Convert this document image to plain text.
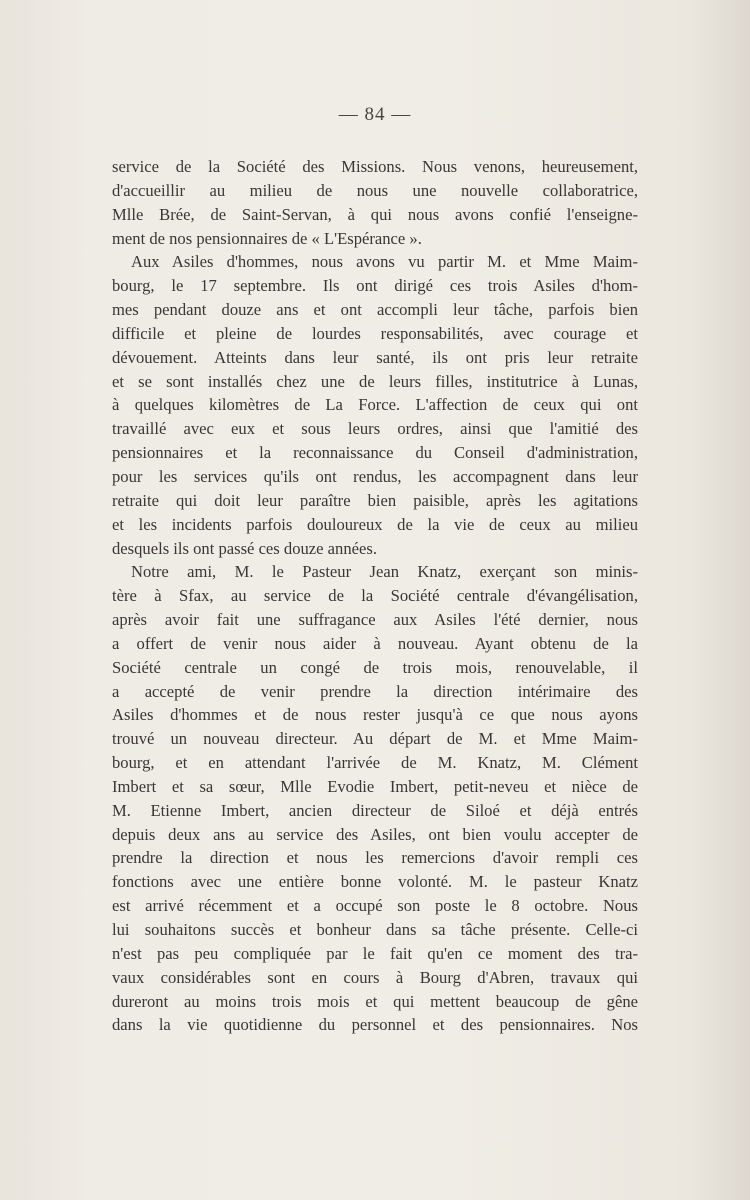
— 84 —
service de la Société des Missions. Nous venons, heureusement,
d'accueillir au milieu de nous une nouvelle collaboratrice,
Mlle Brée, de Saint-Servan, à qui nous avons confié l'enseigne-
ment de nos pensionnaires de « L'Espérance ».
Aux Asiles d'hommes, nous avons vu partir M. et Mme Maim-
bourg, le 17 septembre. Ils ont dirigé ces trois Asiles d'hom-
mes pendant douze ans et ont accompli leur tâche, parfois bien
difficile et pleine de lourdes responsabilités, avec courage et
dévouement. Atteints dans leur santé, ils ont pris leur retraite
et se sont installés chez une de leurs filles, institutrice à Lunas,
à quelques kilomètres de La Force. L'affection de ceux qui ont
travaillé avec eux et sous leurs ordres, ainsi que l'amitié des
pensionnaires et la reconnaissance du Conseil d'administration,
pour les services qu'ils ont rendus, les accompagnent dans leur
retraite qui doit leur paraître bien paisible, après les agitations
et les incidents parfois douloureux de la vie de ceux au milieu
desquels ils ont passé ces douze années.
Notre ami, M. le Pasteur Jean Knatz, exerçant son minis-
tère à Sfax, au service de la Société centrale d'évangélisation,
après avoir fait une suffragance aux Asiles l'été dernier, nous
a offert de venir nous aider à nouveau. Ayant obtenu de la
Société centrale un congé de trois mois, renouvelable, il
a accepté de venir prendre la direction intérimaire des
Asiles d'hommes et de nous rester jusqu'à ce que nous ayons
trouvé un nouveau directeur. Au départ de M. et Mme Maim-
bourg, et en attendant l'arrivée de M. Knatz, M. Clément
Imbert et sa sœur, Mlle Evodie Imbert, petit-neveu et nièce de
M. Etienne Imbert, ancien directeur de Siloé et déjà entrés
depuis deux ans au service des Asiles, ont bien voulu accepter de
prendre la direction et nous les remercions d'avoir rempli ces
fonctions avec une entière bonne volonté. M. le pasteur Knatz
est arrivé récemment et a occupé son poste le 8 octobre. Nous
lui souhaitons succès et bonheur dans sa tâche présente. Celle-ci
n'est pas peu compliquée par le fait qu'en ce moment des tra-
vaux considérables sont en cours à Bourg d'Abren, travaux qui
dureront au moins trois mois et qui mettent beaucoup de gêne
dans la vie quotidienne du personnel et des pensionnaires. Nos
